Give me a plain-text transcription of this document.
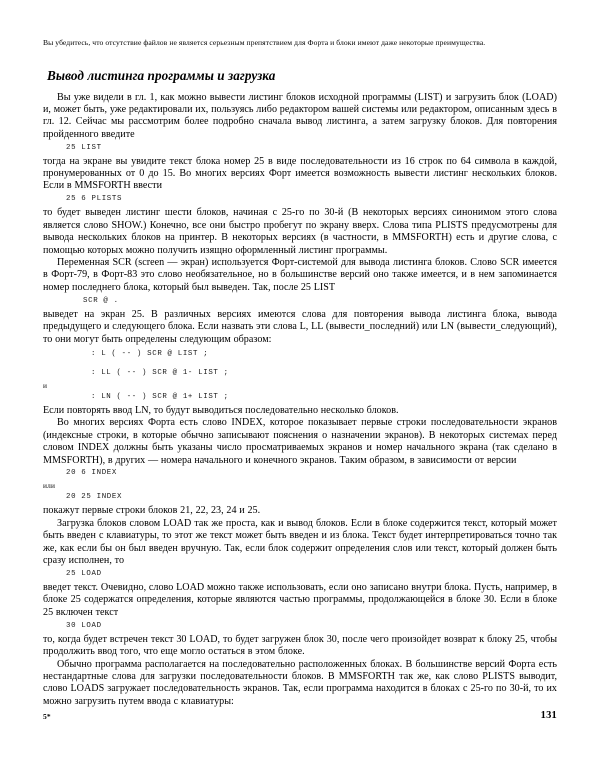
Вы убедитесь, что отсутствие файлов не является серьезным препятствием для Форта и блоки имеют даже некоторые преимущества.
Вывод листинга программы и загрузка

Вы уже видели в гл. 1, как можно вывести листинг блоков исходной программы (LIST) и загрузить блок (LOAD) и, может быть, уже редактировали их, пользуясь либо редактором вашей системы или редактором, описанным здесь в гл. 12. Сейчас мы рассмотрим более подробно сначала вывод листинга, а затем загрузку блоков. Для повторения пройденного введите

25 LIST

тогда на экране вы увидите текст блока номер 25 в виде последовательности из 16 строк по 64 символа в каждой, пронумерованных от 0 до 15. Во многих версиях Форт имеется возможность вывести листинг нескольких блоков. Если в MMSFORTH ввести

25 6 PLISTS

то будет выведен листинг шести блоков, начиная с 25-го по 30-й (В некоторых версиях синонимом этого слова является слово SHOW.) Конечно, все они быстро пробегут по экрану вверх. Слова типа PLISTS предусмотрены для вывода нескольких блоков на принтер. В некоторых версиях (в частности, в MMSFORTH) есть и другие слова, с помощью которых можно получить изящно оформленный листинг программы.

Переменная SCR (screen — экран) используется Форт-системой для вывода листинга блоков. Слово SCR имеется в Форт-79, в Форт-83 это слово необязательное, но в большинстве версий оно также имеется, и в нем запоминается номер последнего блока, который был выведен. Так, после 25 LIST

SCR @ .

выведет на экран 25. В различных версиях имеются слова для повторения вывода листинга блока, вывода предыдущего и следующего блока. Если назвать эти слова L, LL (вывести_последний) или LN (вывести_следующий), то они могут быть определены следующим образом:

: L ( -- ) SCR @ LIST ;
: LL ( -- ) SCR @ 1- LIST ;
и
: LN ( -- ) SCR @ 1+ LIST ;

Если повторять ввод LN, то будут выводиться последовательно несколько блоков.

Во многих версиях Форта есть слово INDEX, которое показывает первые строки последовательности экранов (индексные строки, в которые обычно записывают пояснения о назначении экранов). В некоторых системах перед словом INDEX должны быть указаны число просматриваемых экранов и номер начального экрана (так сделано в MMSFORTH), в других — номера начального и конечного экранов. Таким образом, в зависимости от версии

20 6 INDEX
или
20 25 INDEX

покажут первые строки блоков 21, 22, 23, 24 и 25.

Загрузка блоков словом LOAD так же проста, как и вывод блоков. Если в блоке содержится текст, который может быть введен с клавиатуры, то этот же текст может быть введен и из блока. Текст будет интерпретироваться точно так же, как если бы он был введен вручную. Так, если блок содержит определения слов или текст, который должен быть сразу исполнен, то

25 LOAD

введет текст. Очевидно, слово LOAD можно также использовать, если оно записано внутри блока. Пусть, например, в блоке 25 содержатся определения, которые являются частью программы, продолжающейся в блоке 30. Если в блоке 25 включен текст

30 LOAD

то, когда будет встречен текст 30 LOAD, то будет загружен блок 30, после чего произойдет возврат к блоку 25, чтобы продолжить ввод того, что еще могло остаться в этом блоке.

Обычно программа располагается на последовательно расположенных блоках. В большинстве версий Форта есть нестандартные слова для загрузки последовательности блоков. В MMSFORTH так же, как слово PLISTS выводит, слово LOADS загружает последовательность экранов. Так, если программа находится в блоках с 25-го по 30-й, то их можно загрузить путем ввода с клавиатуры:

5*	131
